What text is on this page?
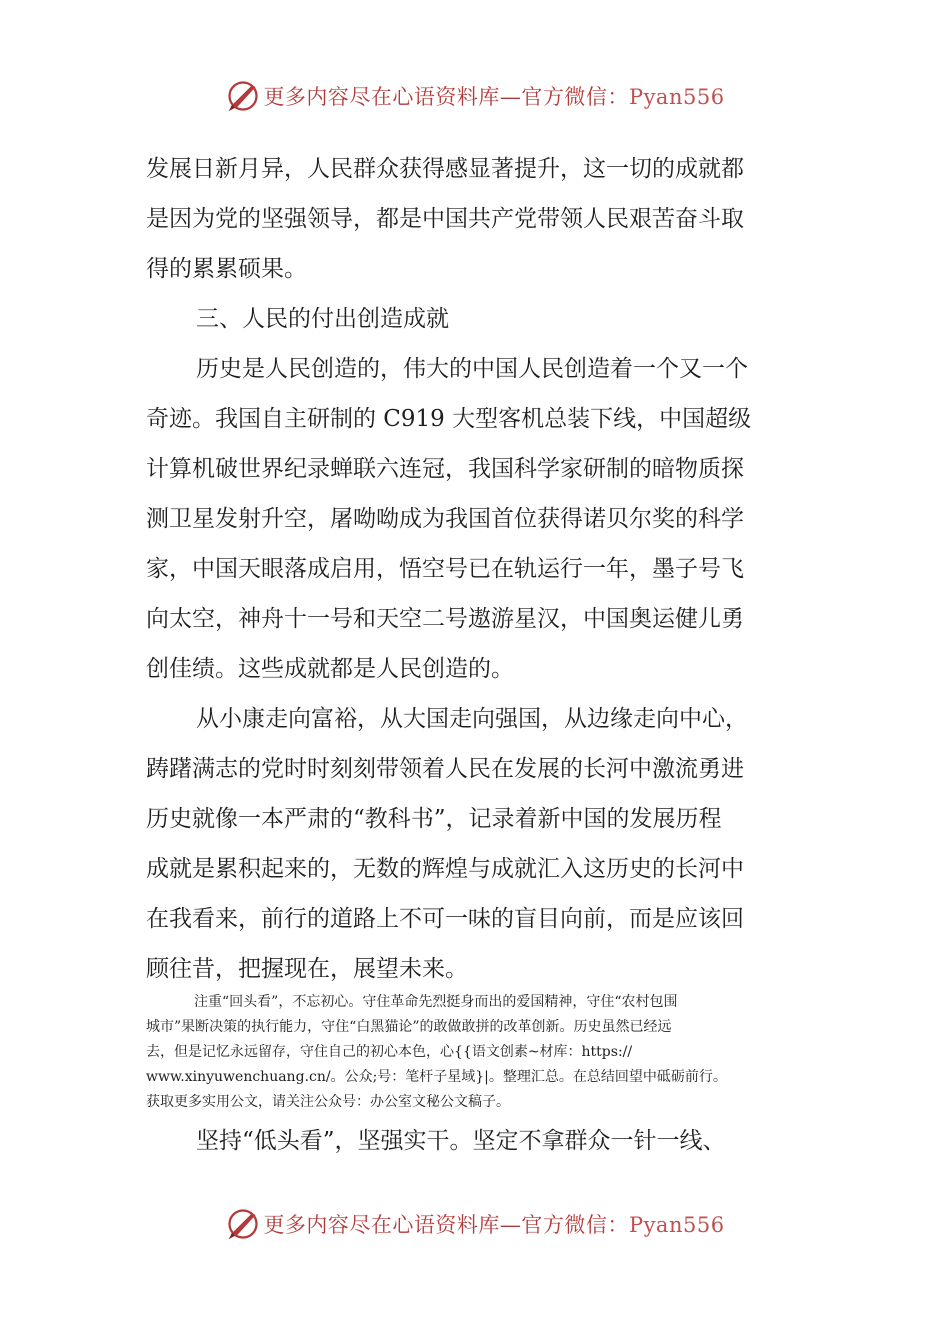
更多内容尽在心语资料库—官方微信：Pyan556
发展日新月异，人民群众获得感显著提升，这一切的成就都
是因为党的坚强领导，都是中国共产党带领人民艰苦奋斗取
得的累累硕果。
三、人民的付出创造成就
历史是人民创造的，伟大的中国人民创造着一个又一个
奇迹。我国自主研制的 C919 大型客机总装下线，中国超级
计算机破世界纪录蝉联六连冠，我国科学家研制的暗物质探
测卫星发射升空，屠呦呦成为我国首位获得诺贝尔奖的科学
家，中国天眼落成启用，悟空号已在轨运行一年，墨子号飞
向太空，神舟十一号和天空二号遨游星汉，中国奥运健儿勇
创佳绩。这些成就都是人民创造的。
从小康走向富裕，从大国走向强国，从边缘走向中心，
踌躇满志的党时时刻刻带领着人民在发展的长河中激流勇进
历史就像一本严肃的“教科书”，记录着新中国的发展历程
成就是累积起来的，无数的辉煌与成就汇入这历史的长河中
在我看来，前行的道路上不可一味的盲目向前，而是应该回
顾往昔，把握现在，展望未来。
注重“回头看”，不忘初心。守住革命先烈挺身而出的爱国精神，守住“农村包围
城市”果断决策的执行能力，守住“白黑猫论”的敢做敢拼的改革创新。历史虽然已经远
去，但是记忆永远留存，守住自己的初心本色，心{{语文创素~材库：https://
www.xinyuwenchuang.cn/。公众;号：笔杆子星域}|。整理汇总。在总结回望中砥砺前行。
获取更多实用公文，请关注公众号：办公室文秘公文稿子。
坚持“低头看”，坚强实干。坚定不拿群众一针一线、
更多内容尽在心语资料库—官方微信：Pyan556
